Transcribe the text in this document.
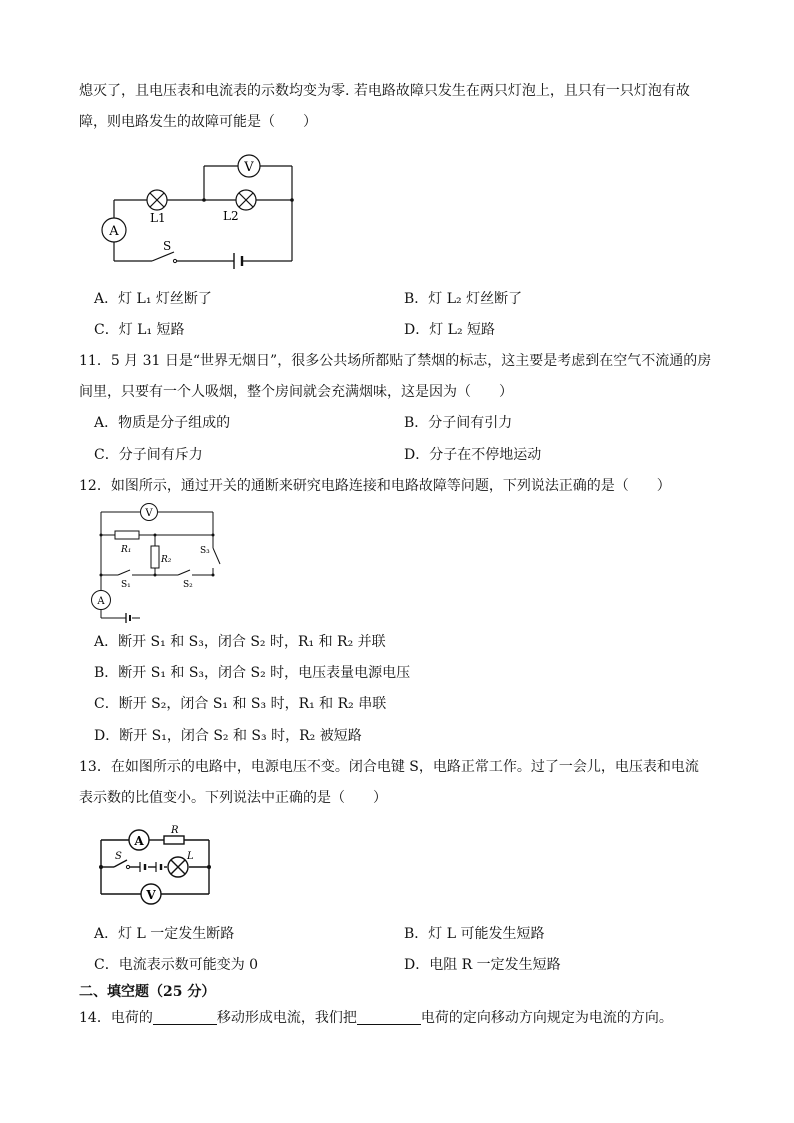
熄灭了，且电压表和电流表的示数均变为零. 若电路故障只发生在两只灯泡上，且只有一只灯泡有故
障，则电路发生的故障可能是（　　）
V
A
L1	L2
S
A．灯 L₁ 灯丝断了	B．灯 L₂ 灯丝断了
C．灯 L₁ 短路	D．灯 L₂ 短路
11．5 月 31 日是“世界无烟日”，很多公共场所都贴了禁烟的标志，这主要是考虑到在空气不流通的房
间里，只要有一个人吸烟，整个房间就会充满烟味，这是因为（　　）
A．物质是分子组成的	B．分子间有引力
C．分子间有斥力	D．分子在不停地运动
12．如图所示，通过开关的通断来研究电路连接和电路故障等问题，下列说法正确的是（　　）
V
A
R₁
R₂
S₁	S₂
S₃
A．断开 S₁ 和 S₃，闭合 S₂ 时，R₁ 和 R₂ 并联
B．断开 S₁ 和 S₃，闭合 S₂ 时，电压表量电源电压
C．断开 S₂，闭合 S₁ 和 S₃ 时，R₁ 和 R₂ 串联
D．断开 S₁，闭合 S₂ 和 S₃ 时，R₂ 被短路
13．在如图所示的电路中，电源电压不变。闭合电键 S，电路正常工作。过了一会儿，电压表和电流
表示数的比值变小。下列说法中正确的是（　　）
A
V
R
S	L
A．灯 L 一定发生断路	B．灯 L 可能发生短路
C．电流表示数可能变为 0	D．电阻 R 一定发生短路
二、填空题（25 分）
14．电荷的	移动形成电流，我们把	电荷的定向移动方向规定为电流的方向。
